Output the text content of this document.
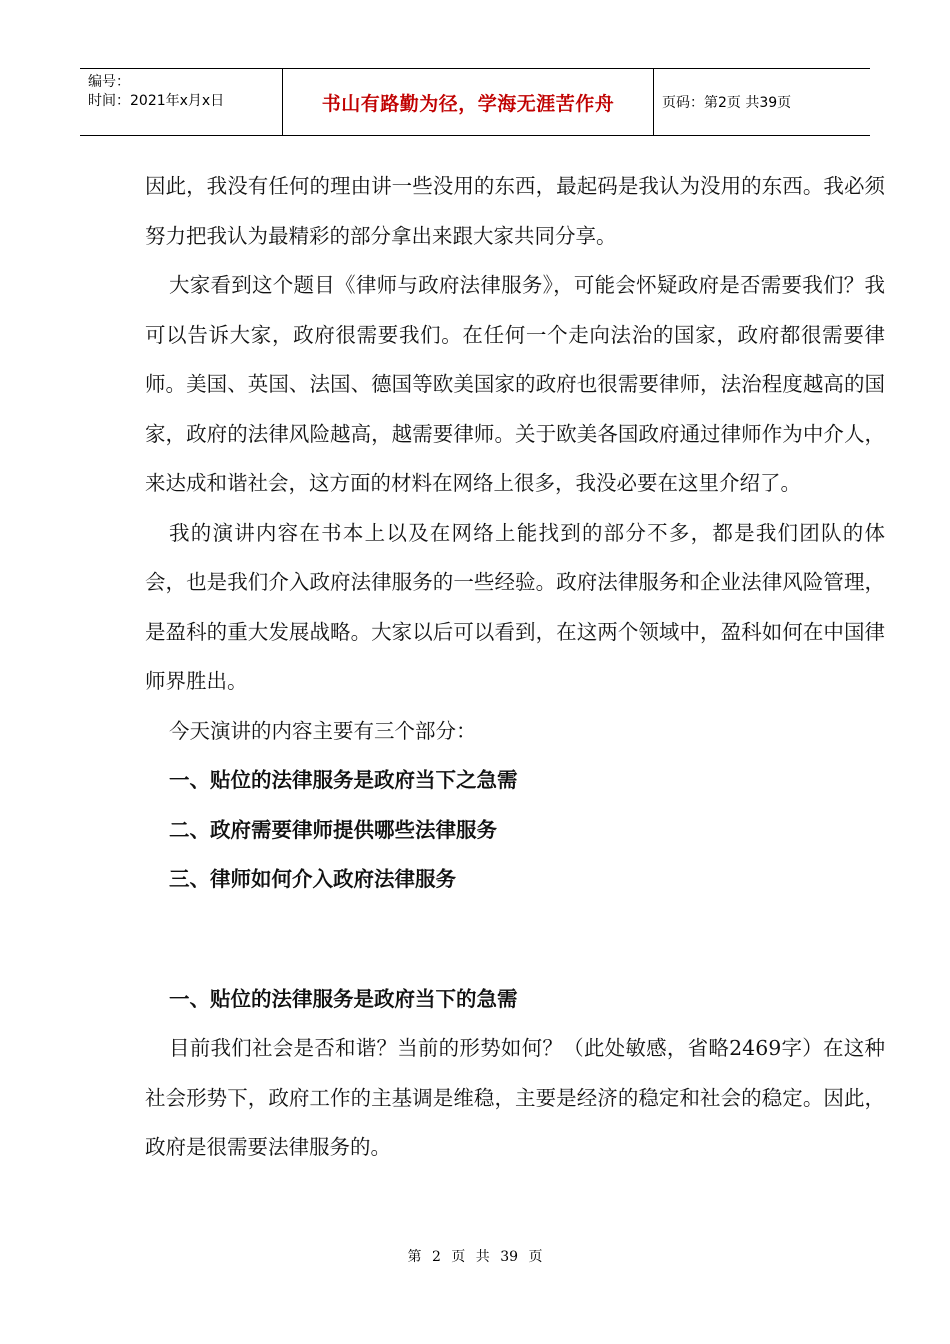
编号：
时间：2021年x月x日	书山有路勤为径，学海无涯苦作舟	页码：第2页 共39页

因此，我没有任何的理由讲一些没用的东西，最起码是我认为没用的东西。我必须努力把我认为最精彩的部分拿出来跟大家共同分享。

大家看到这个题目《律师与政府法律服务》，可能会怀疑政府是否需要我们？我可以告诉大家，政府很需要我们。在任何一个走向法治的国家，政府都很需要律师。美国、英国、法国、德国等欧美国家的政府也很需要律师，法治程度越高的国家，政府的法律风险越高，越需要律师。关于欧美各国政府通过律师作为中介人，来达成和谐社会，这方面的材料在网络上很多，我没必要在这里介绍了。

我的演讲内容在书本上以及在网络上能找到的部分不多，都是我们团队的体会，也是我们介入政府法律服务的一些经验。政府法律服务和企业法律风险管理，是盈科的重大发展战略。大家以后可以看到，在这两个领域中，盈科如何在中国律师界胜出。

今天演讲的内容主要有三个部分：

一、贴位的法律服务是政府当下之急需

二、政府需要律师提供哪些法律服务

三、律师如何介入政府法律服务

一、贴位的法律服务是政府当下的急需

目前我们社会是否和谐？当前的形势如何？（此处敏感，省略2469字）在这种社会形势下，政府工作的主基调是维稳，主要是经济的稳定和社会的稳定。因此，政府是很需要法律服务的。

第 2 页 共 39 页
